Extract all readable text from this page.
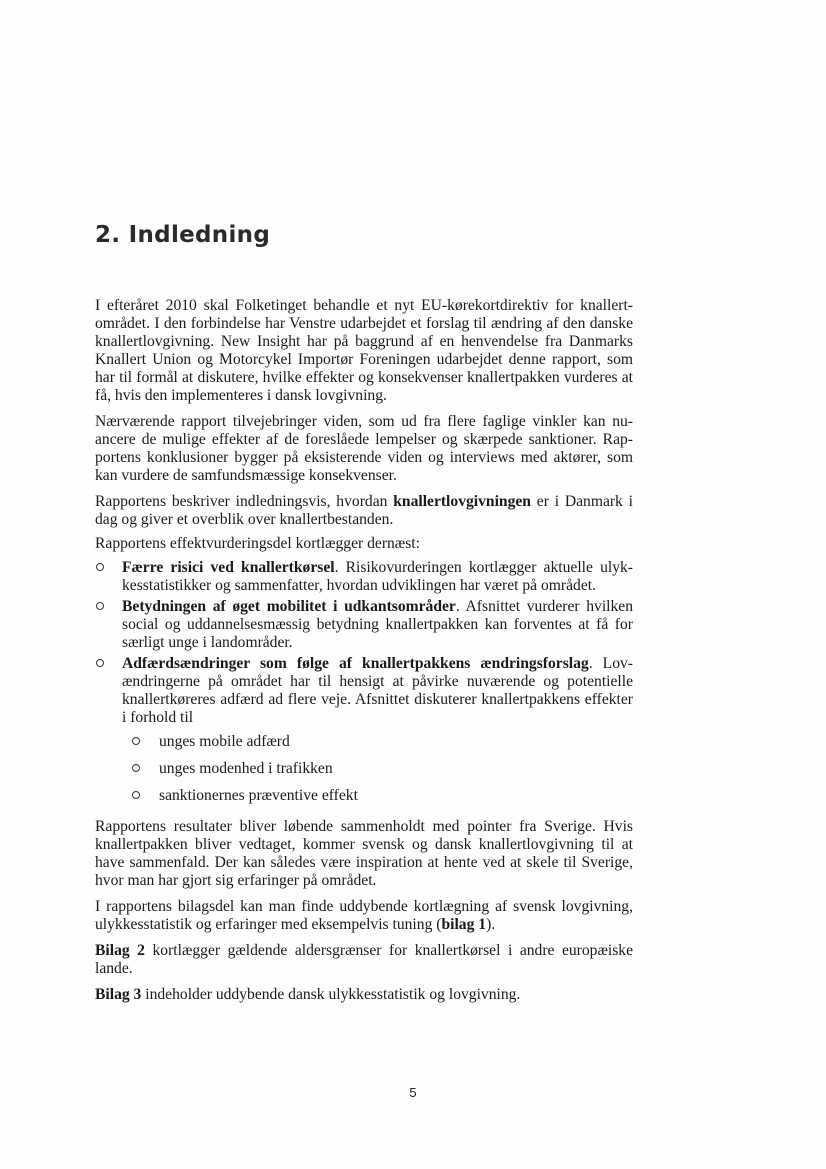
2. Indledning

I efteråret 2010 skal Folketinget behandle et nyt EU-kørekortdirektiv for knallertområdet. I den forbindelse har Venstre udarbejdet et forslag til ændring af den danske knallertlovgivning. New Insight har på baggrund af en henvendelse fra Danmarks Knallert Union og Motorcykel Importør Foreningen udarbejdet denne rapport, som har til formål at diskutere, hvilke effekter og konsekvenser knallertpakken vurderes at få, hvis den implementeres i dansk lovgivning.

Nærværende rapport tilvejebringer viden, som ud fra flere faglige vinkler kan nuancere de mulige effekter af de foreslåede lempelser og skærpede sanktioner. Rapportens konklusioner bygger på eksisterende viden og interviews med aktører, som kan vurdere de samfundsmæssige konsekvenser.

Rapportens beskriver indledningsvis, hvordan knallertlovgivningen er i Danmark i dag og giver et overblik over knallertbestanden.

Rapportens effektvurderingsdel kortlægger dernæst:

Færre risici ved knallertkørsel. Risikovurderingen kortlægger aktuelle ulykkesstatistikker og sammenfatter, hvordan udviklingen har været på området.
Betydningen af øget mobilitet i udkantsområder. Afsnittet vurderer hvilken social og uddannelsesmæssig betydning knallertpakken kan forventes at få for særligt unge i landområder.
Adfærdsændringer som følge af knallertpakkens ændringsforslag. Lovændringerne på området har til hensigt at påvirke nuværende og potentielle knallertkøreres adfærd ad flere veje. Afsnittet diskuterer knallertpakkens effekter i forhold til
unges mobile adfærd
unges modenhed i trafikken
sanktionernes præventive effekt

Rapportens resultater bliver løbende sammenholdt med pointer fra Sverige. Hvis knallertpakken bliver vedtaget, kommer svensk og dansk knallertlovgivning til at have sammenfald. Der kan således være inspiration at hente ved at skele til Sverige, hvor man har gjort sig erfaringer på området.

I rapportens bilagsdel kan man finde uddybende kortlægning af svensk lovgivning, ulykkesstatistik og erfaringer med eksempelvis tuning (bilag 1).

Bilag 2 kortlægger gældende aldersgrænser for knallertkørsel i andre europæiske lande.

Bilag 3 indeholder uddybende dansk ulykkesstatistik og lovgivning.

5
